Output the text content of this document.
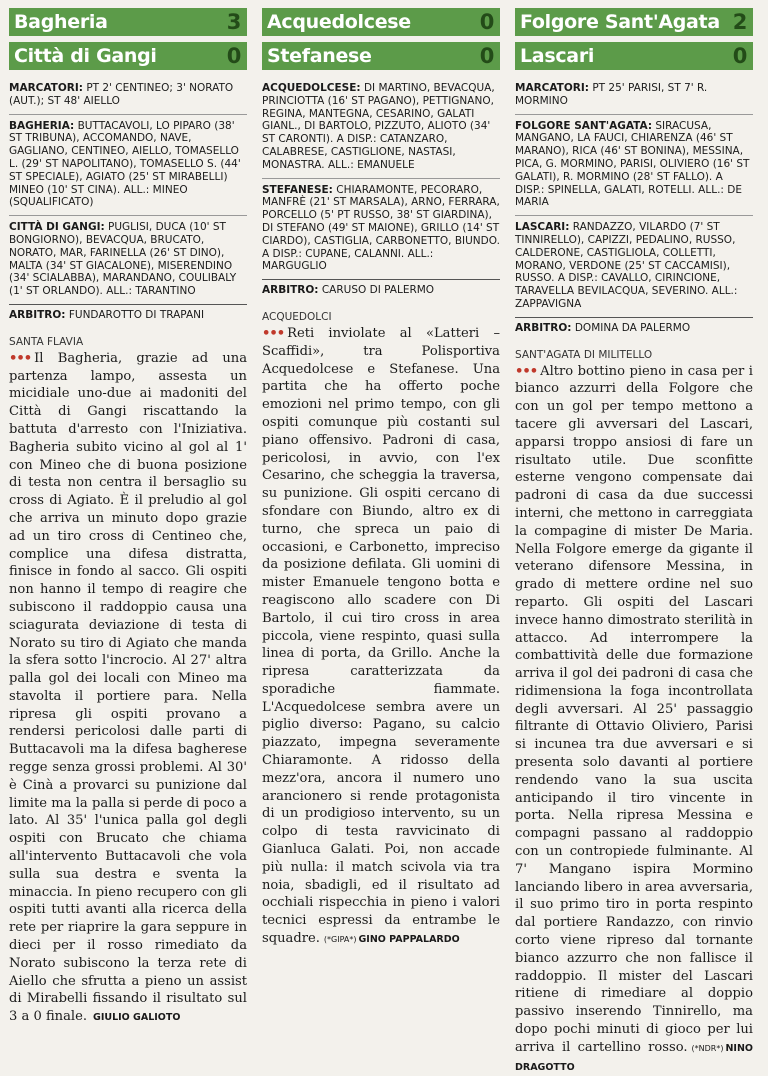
Bagheria	3
Città di Gangi	0

MARCATORI: PT 2' CENTINEO; 3' NORATO (AUT.); ST 48' AIELLO

BAGHERIA: BUTTACAVOLI, LO PIPARO (38' ST TRIBUNA), ACCOMANDO, NAVE, GAGLIANO, CENTINEO, AIELLO, TOMASELLO L. (29' ST NAPOLITANO), TOMASELLO S. (44' ST SPECIALE), AGIATO (25' ST MIRABELLI) MINEO (10' ST CINA). ALL.: MINEO (SQUALIFICATO)

CITTÀ DI GANGI: PUGLISI, DUCA (10' ST BONGIORNO), BEVACQUA, BRUCATO, NORATO, MAR, FARINELLA (26' ST DINO), MALTA (34' ST GIACALONE), MISERENDINO (34' SCIALABBA), MARANDANO, COULIBALY (1' ST ORLANDO). ALL.: TARANTINO

ARBITRO: FUNDAROTTO DI TRAPANI

SANTA FLAVIA
••• Il Bagheria, grazie ad una partenza lampo, assesta un micidiale uno-due ai madoniti del Città di Gangi riscattando la battuta d'arresto con l'Iniziativa. Bagheria subito vicino al gol al 1' con Mineo che di buona posizione di testa non centra il bersaglio su cross di Agiato. È il preludio al gol che arriva un minuto dopo grazie ad un tiro cross di Centineo che, complice una difesa distratta, finisce in fondo al sacco. Gli ospiti non hanno il tempo di reagire che subiscono il raddoppio causa una sciagurata deviazione di testa di Norato su tiro di Agiato che manda la sfera sotto l'incrocio. Al 27' altra palla gol dei locali con Mineo ma stavolta il portiere para. Nella ripresa gli ospiti provano a rendersi pericolosi dalle parti di Buttacavoli ma la difesa bagherese regge senza grossi problemi. Al 30' è Cinà a provarci su punizione dal limite ma la palla si perde di poco a lato. Al 35' l'unica palla gol degli ospiti con Brucato che chiama all'intervento Buttacavoli che vola sulla sua destra e sventa la minaccia. In pieno recupero con gli ospiti tutti avanti alla ricerca della rete per riaprire la gara seppure in dieci per il rosso rimediato da Norato subiscono la terza rete di Aiello che sfrutta a pieno un assist di Mirabelli fissando il risultato sul 3 a 0 finale. GIULIO GALIOTO
Acquedolcese	0
Stefanese	0

ACQUEDOLCESE: DI MARTINO, BEVACQUA, PRINCIOTTA (16' ST PAGANO), PETTIGNANO, REGINA, MANTEGNA, CESARINO, GALATI GIANL., DI BARTOLO, PIZZUTO, ALIOTO (34' ST CARONTI). A DISP.: CATANZARO, CALABRESE, CASTIGLIONE, NASTASI, MONASTRA. ALL.: EMANUELE

STEFANESE: CHIARAMONTE, PECORARO, MANFRÈ (21' ST MARSALA), ARNO, FERRARA, PORCELLO (5' PT RUSSO, 38' ST GIARDINA), DI STEFANO (49' ST MAIONE), GRILLO (14' ST CIARDO), CASTIGLIA, CARBONETTO, BIUNDO. A DISP.: CUPANE, CALANNI. ALL.: MARGUGLIO

ARBITRO: CARUSO DI PALERMO

ACQUEDOLCI
••• Reti inviolate al «Latteri – Scaffidi», tra Polisportiva Acquedolcese e Stefanese. Una partita che ha offerto poche emozioni nel primo tempo, con gli ospiti comunque più costanti sul piano offensivo. Padroni di casa, pericolosi, in avvio, con l'ex Cesarino, che scheggia la traversa, su punizione. Gli ospiti cercano di sfondare con Biundo, altro ex di turno, che spreca un paio di occasioni, e Carbonetto, impreciso da posizione defilata. Gli uomini di mister Emanuele tengono botta e reagiscono allo scadere con Di Bartolo, il cui tiro cross in area piccola, viene respinto, quasi sulla linea di porta, da Grillo. Anche la ripresa caratterizzata da sporadiche fiammate. L'Acquedolcese sembra avere un piglio diverso: Pagano, su calcio piazzato, impegna severamente Chiaramonte. A ridosso della mezz'ora, ancora il numero uno arancionero si rende protagonista di un prodigioso intervento, su un colpo di testa ravvicinato di Gianluca Galati. Poi, non accade più nulla: il match scivola via tra noia, sbadigli, ed il risultato ad occhiali rispecchia in pieno i valori tecnici espressi da entrambe le squadre. (*GIPA*) GINO PAPPALARDO
Folgore Sant'Agata 2
Lascari	0

MARCATORI: PT 25' PARISI, ST 7' R. MORMINO

FOLGORE SANT'AGATA: SIRACUSA, MANGANO, LA FAUCI, CHIARENZA (46' ST MARANO), RICA (46' ST BONINA), MESSINA, PICA, G. MORMINO, PARISI, OLIVIERO (16' ST GALATI), R. MORMINO (28' ST FALLO). A DISP.: SPINELLA, GALATI, ROTELLI. ALL.: DE MARIA

LASCARI: RANDAZZO, VILARDO (7' ST TINNIRELLO), CAPIZZI, PEDALINO, RUSSO, CALDERONE, CASTIGLIOLA, COLLETTI, MORANO, VERDONE (25' ST CACCAMISI), RUSSO. A DISP.: CAVALLO, CIRINCIONE, TARAVELLA BEVILACQUA, SEVERINO. ALL.: ZAPPAVIGNA

ARBITRO: DOMINA DA PALERMO

SANT'AGATA DI MILITELLO
••• Altro bottino pieno in casa per i bianco azzurri della Folgore che con un gol per tempo mettono a tacere gli avversari del Lascari, apparsi troppo ansiosi di fare un risultato utile. Due sconfitte esterne vengono compensate dai padroni di casa da due successi interni, che mettono in carreggiata la compagine di mister De Maria. Nella Folgore emerge da gigante il veterano difensore Messina, in grado di mettere ordine nel suo reparto. Gli ospiti del Lascari invece hanno dimostrato sterilità in attacco. Ad interrompere la combattività delle due formazione arriva il gol dei padroni di casa che ridimensiona la foga incontrollata degli avversari. Al 25' passaggio filtrante di Ottavio Oliviero, Parisi si incunea tra due avversari e si presenta solo davanti al portiere rendendo vano la sua uscita anticipando il tiro vincente in porta. Nella ripresa Messina e compagni passano al raddoppio con un contropiede fulminante. Al 7' Mangano ispira Mormino lanciando libero in area avversaria, il suo primo tiro in porta respinto dal portiere Randazzo, con rinvio corto viene ripreso dal tornante bianco azzurro che non fallisce il raddoppio. Il mister del Lascari ritiene di rimediare al doppio passivo inserendo Tinnirello, ma dopo pochi minuti di gioco per lui arriva il cartellino rosso. (*NDR*) NINO DRAGOTTO
